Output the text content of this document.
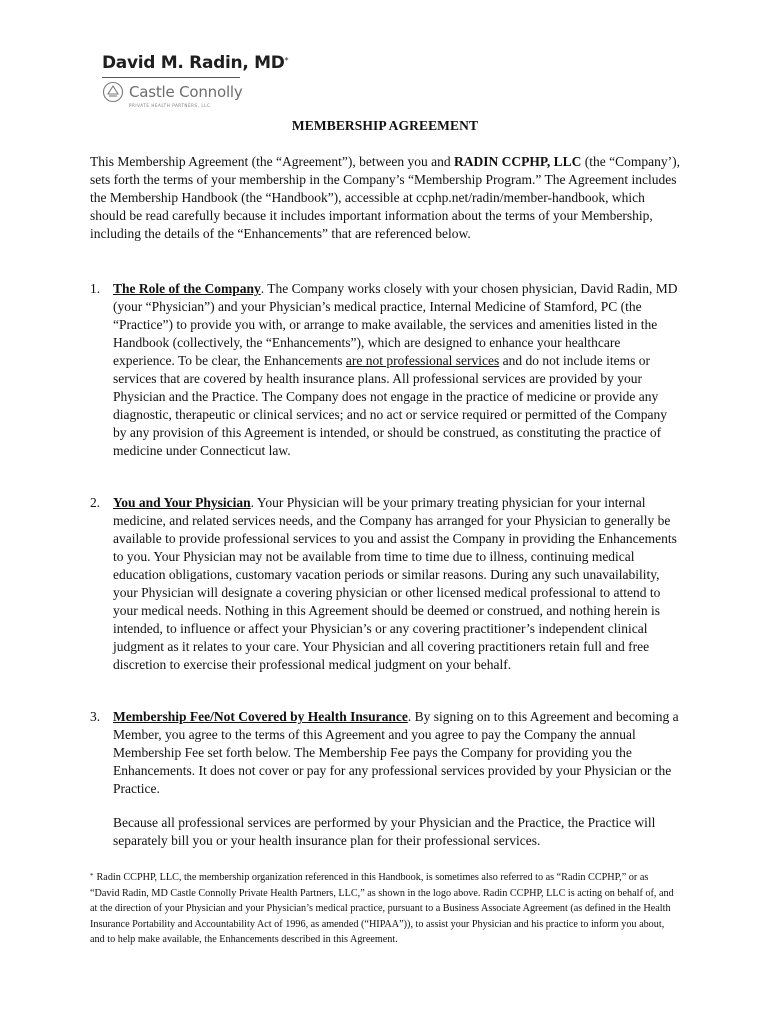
David M. Radin, MD*
Castle Connolly
PRIVATE HEALTH PARTNERS, LLC
MEMBERSHIP AGREEMENT
This Membership Agreement (the “Agreement”), between you and RADIN CCPHP, LLC (the “Company’), sets forth the terms of your membership in the Company’s “Membership Program.” The Agreement includes the Membership Handbook (the “Handbook”), accessible at ccphp.net/radin/member-handbook, which should be read carefully because it includes important information about the terms of your Membership, including the details of the “Enhancements” that are referenced below.
1. The Role of the Company. The Company works closely with your chosen physician, David Radin, MD (your “Physician”) and your Physician’s medical practice, Internal Medicine of Stamford, PC (the “Practice”) to provide you with, or arrange to make available, the services and amenities listed in the Handbook (collectively, the “Enhancements”), which are designed to enhance your healthcare experience. To be clear, the Enhancements are not professional services and do not include items or services that are covered by health insurance plans. All professional services are provided by your Physician and the Practice. The Company does not engage in the practice of medicine or provide any diagnostic, therapeutic or clinical services; and no act or service required or permitted of the Company by any provision of this Agreement is intended, or should be construed, as constituting the practice of medicine under Connecticut law.
2. You and Your Physician. Your Physician will be your primary treating physician for your internal medicine, and related services needs, and the Company has arranged for your Physician to generally be available to provide professional services to you and assist the Company in providing the Enhancements to you. Your Physician may not be available from time to time due to illness, continuing medical education obligations, customary vacation periods or similar reasons. During any such unavailability, your Physician will designate a covering physician or other licensed medical professional to attend to your medical needs. Nothing in this Agreement should be deemed or construed, and nothing herein is intended, to influence or affect your Physician’s or any covering practitioner’s independent clinical judgment as it relates to your care. Your Physician and all covering practitioners retain full and free discretion to exercise their professional medical judgment on your behalf.
3. Membership Fee/Not Covered by Health Insurance. By signing on to this Agreement and becoming a Member, you agree to the terms of this Agreement and you agree to pay the Company the annual Membership Fee set forth below. The Membership Fee pays the Company for providing you the Enhancements. It does not cover or pay for any professional services provided by your Physician or the Practice.
Because all professional services are performed by your Physician and the Practice, the Practice will separately bill you or your health insurance plan for their professional services.
* Radin CCPHP, LLC, the membership organization referenced in this Handbook, is sometimes also referred to as “Radin CCPHP,” or as “David Radin, MD Castle Connolly Private Health Partners, LLC,” as shown in the logo above. Radin CCPHP, LLC is acting on behalf of, and at the direction of your Physician and your Physician’s medical practice, pursuant to a Business Associate Agreement (as defined in the Health Insurance Portability and Accountability Act of 1996, as amended (“HIPAA”)), to assist your Physician and his practice to inform you about, and to help make available, the Enhancements described in this Agreement.
